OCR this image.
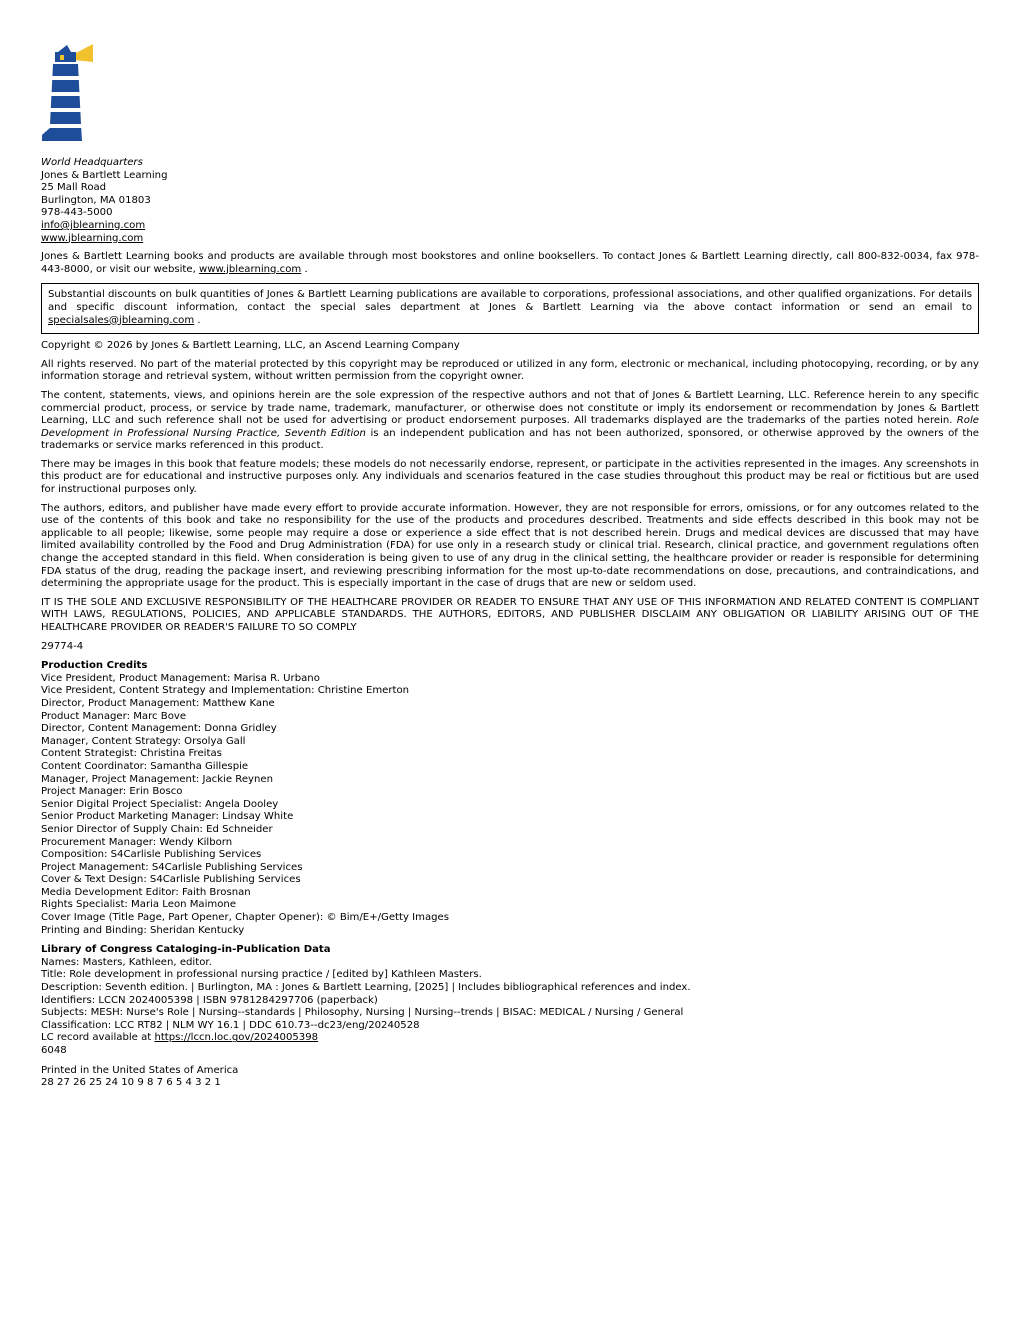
World Headquarters
Jones & Bartlett Learning
25 Mall Road
Burlington, MA 01803
978-443-5000
info@jblearning.com
www.jblearning.com

Jones & Bartlett Learning books and products are available through most bookstores and online booksellers. To contact Jones & Bartlett Learning directly, call 800-832-0034, fax 978-443-8000, or visit our website, www.jblearning.com .

Substantial discounts on bulk quantities of Jones & Bartlett Learning publications are available to corporations, professional associations, and other qualified organizations. For details and specific discount information, contact the special sales department at Jones & Bartlett Learning via the above contact information or send an email to specialsales@jblearning.com .

Copyright © 2026 by Jones & Bartlett Learning, LLC, an Ascend Learning Company

All rights reserved. No part of the material protected by this copyright may be reproduced or utilized in any form, electronic or mechanical, including photocopying, recording, or by any information storage and retrieval system, without written permission from the copyright owner.

The content, statements, views, and opinions herein are the sole expression of the respective authors and not that of Jones & Bartlett Learning, LLC. Reference herein to any specific commercial product, process, or service by trade name, trademark, manufacturer, or otherwise does not constitute or imply its endorsement or recommendation by Jones & Bartlett Learning, LLC and such reference shall not be used for advertising or product endorsement purposes. All trademarks displayed are the trademarks of the parties noted herein. Role Development in Professional Nursing Practice, Seventh Edition is an independent publication and has not been authorized, sponsored, or otherwise approved by the owners of the trademarks or service marks referenced in this product.

There may be images in this book that feature models; these models do not necessarily endorse, represent, or participate in the activities represented in the images. Any screenshots in this product are for educational and instructive purposes only. Any individuals and scenarios featured in the case studies throughout this product may be real or fictitious but are used for instructional purposes only.

The authors, editors, and publisher have made every effort to provide accurate information. However, they are not responsible for errors, omissions, or for any outcomes related to the use of the contents of this book and take no responsibility for the use of the products and procedures described. Treatments and side effects described in this book may not be applicable to all people; likewise, some people may require a dose or experience a side effect that is not described herein. Drugs and medical devices are discussed that may have limited availability controlled by the Food and Drug Administration (FDA) for use only in a research study or clinical trial. Research, clinical practice, and government regulations often change the accepted standard in this field. When consideration is being given to use of any drug in the clinical setting, the healthcare provider or reader is responsible for determining FDA status of the drug, reading the package insert, and reviewing prescribing information for the most up-to-date recommendations on dose, precautions, and contraindications, and determining the appropriate usage for the product. This is especially important in the case of drugs that are new or seldom used.

IT IS THE SOLE AND EXCLUSIVE RESPONSIBILITY OF THE HEALTHCARE PROVIDER OR READER TO ENSURE THAT ANY USE OF THIS INFORMATION AND RELATED CONTENT IS COMPLIANT WITH LAWS, REGULATIONS, POLICIES, AND APPLICABLE STANDARDS. THE AUTHORS, EDITORS, AND PUBLISHER DISCLAIM ANY OBLIGATION OR LIABILITY ARISING OUT OF THE HEALTHCARE PROVIDER OR READER'S FAILURE TO SO COMPLY

29774-4

Production Credits
Vice President, Product Management: Marisa R. Urbano
Vice President, Content Strategy and Implementation: Christine Emerton
Director, Product Management: Matthew Kane
Product Manager: Marc Bove
Director, Content Management: Donna Gridley
Manager, Content Strategy: Orsolya Gall
Content Strategist: Christina Freitas
Content Coordinator: Samantha Gillespie
Manager, Project Management: Jackie Reynen
Project Manager: Erin Bosco
Senior Digital Project Specialist: Angela Dooley
Senior Product Marketing Manager: Lindsay White
Senior Director of Supply Chain: Ed Schneider
Procurement Manager: Wendy Kilborn
Composition: S4Carlisle Publishing Services
Project Management: S4Carlisle Publishing Services
Cover & Text Design: S4Carlisle Publishing Services
Media Development Editor: Faith Brosnan
Rights Specialist: Maria Leon Maimone
Cover Image (Title Page, Part Opener, Chapter Opener): © Bim/E+/Getty Images
Printing and Binding: Sheridan Kentucky
Library of Congress Cataloging-in-Publication Data
Names: Masters, Kathleen, editor.
Title: Role development in professional nursing practice / [edited by] Kathleen Masters.
Description: Seventh edition. | Burlington, MA : Jones & Bartlett Learning, [2025] | Includes bibliographical references and index.
Identifiers: LCCN 2024005398 | ISBN 9781284297706 (paperback)
Subjects: MESH: Nurse's Role | Nursing--standards | Philosophy, Nursing | Nursing--trends | BISAC: MEDICAL / Nursing / General
Classification: LCC RT82 | NLM WY 16.1 | DDC 610.73--dc23/eng/20240528
LC record available at https://lccn.loc.gov/2024005398
6048
Printed in the United States of America
28 27 26 25 24 10 9 8 7 6 5 4 3 2 1
